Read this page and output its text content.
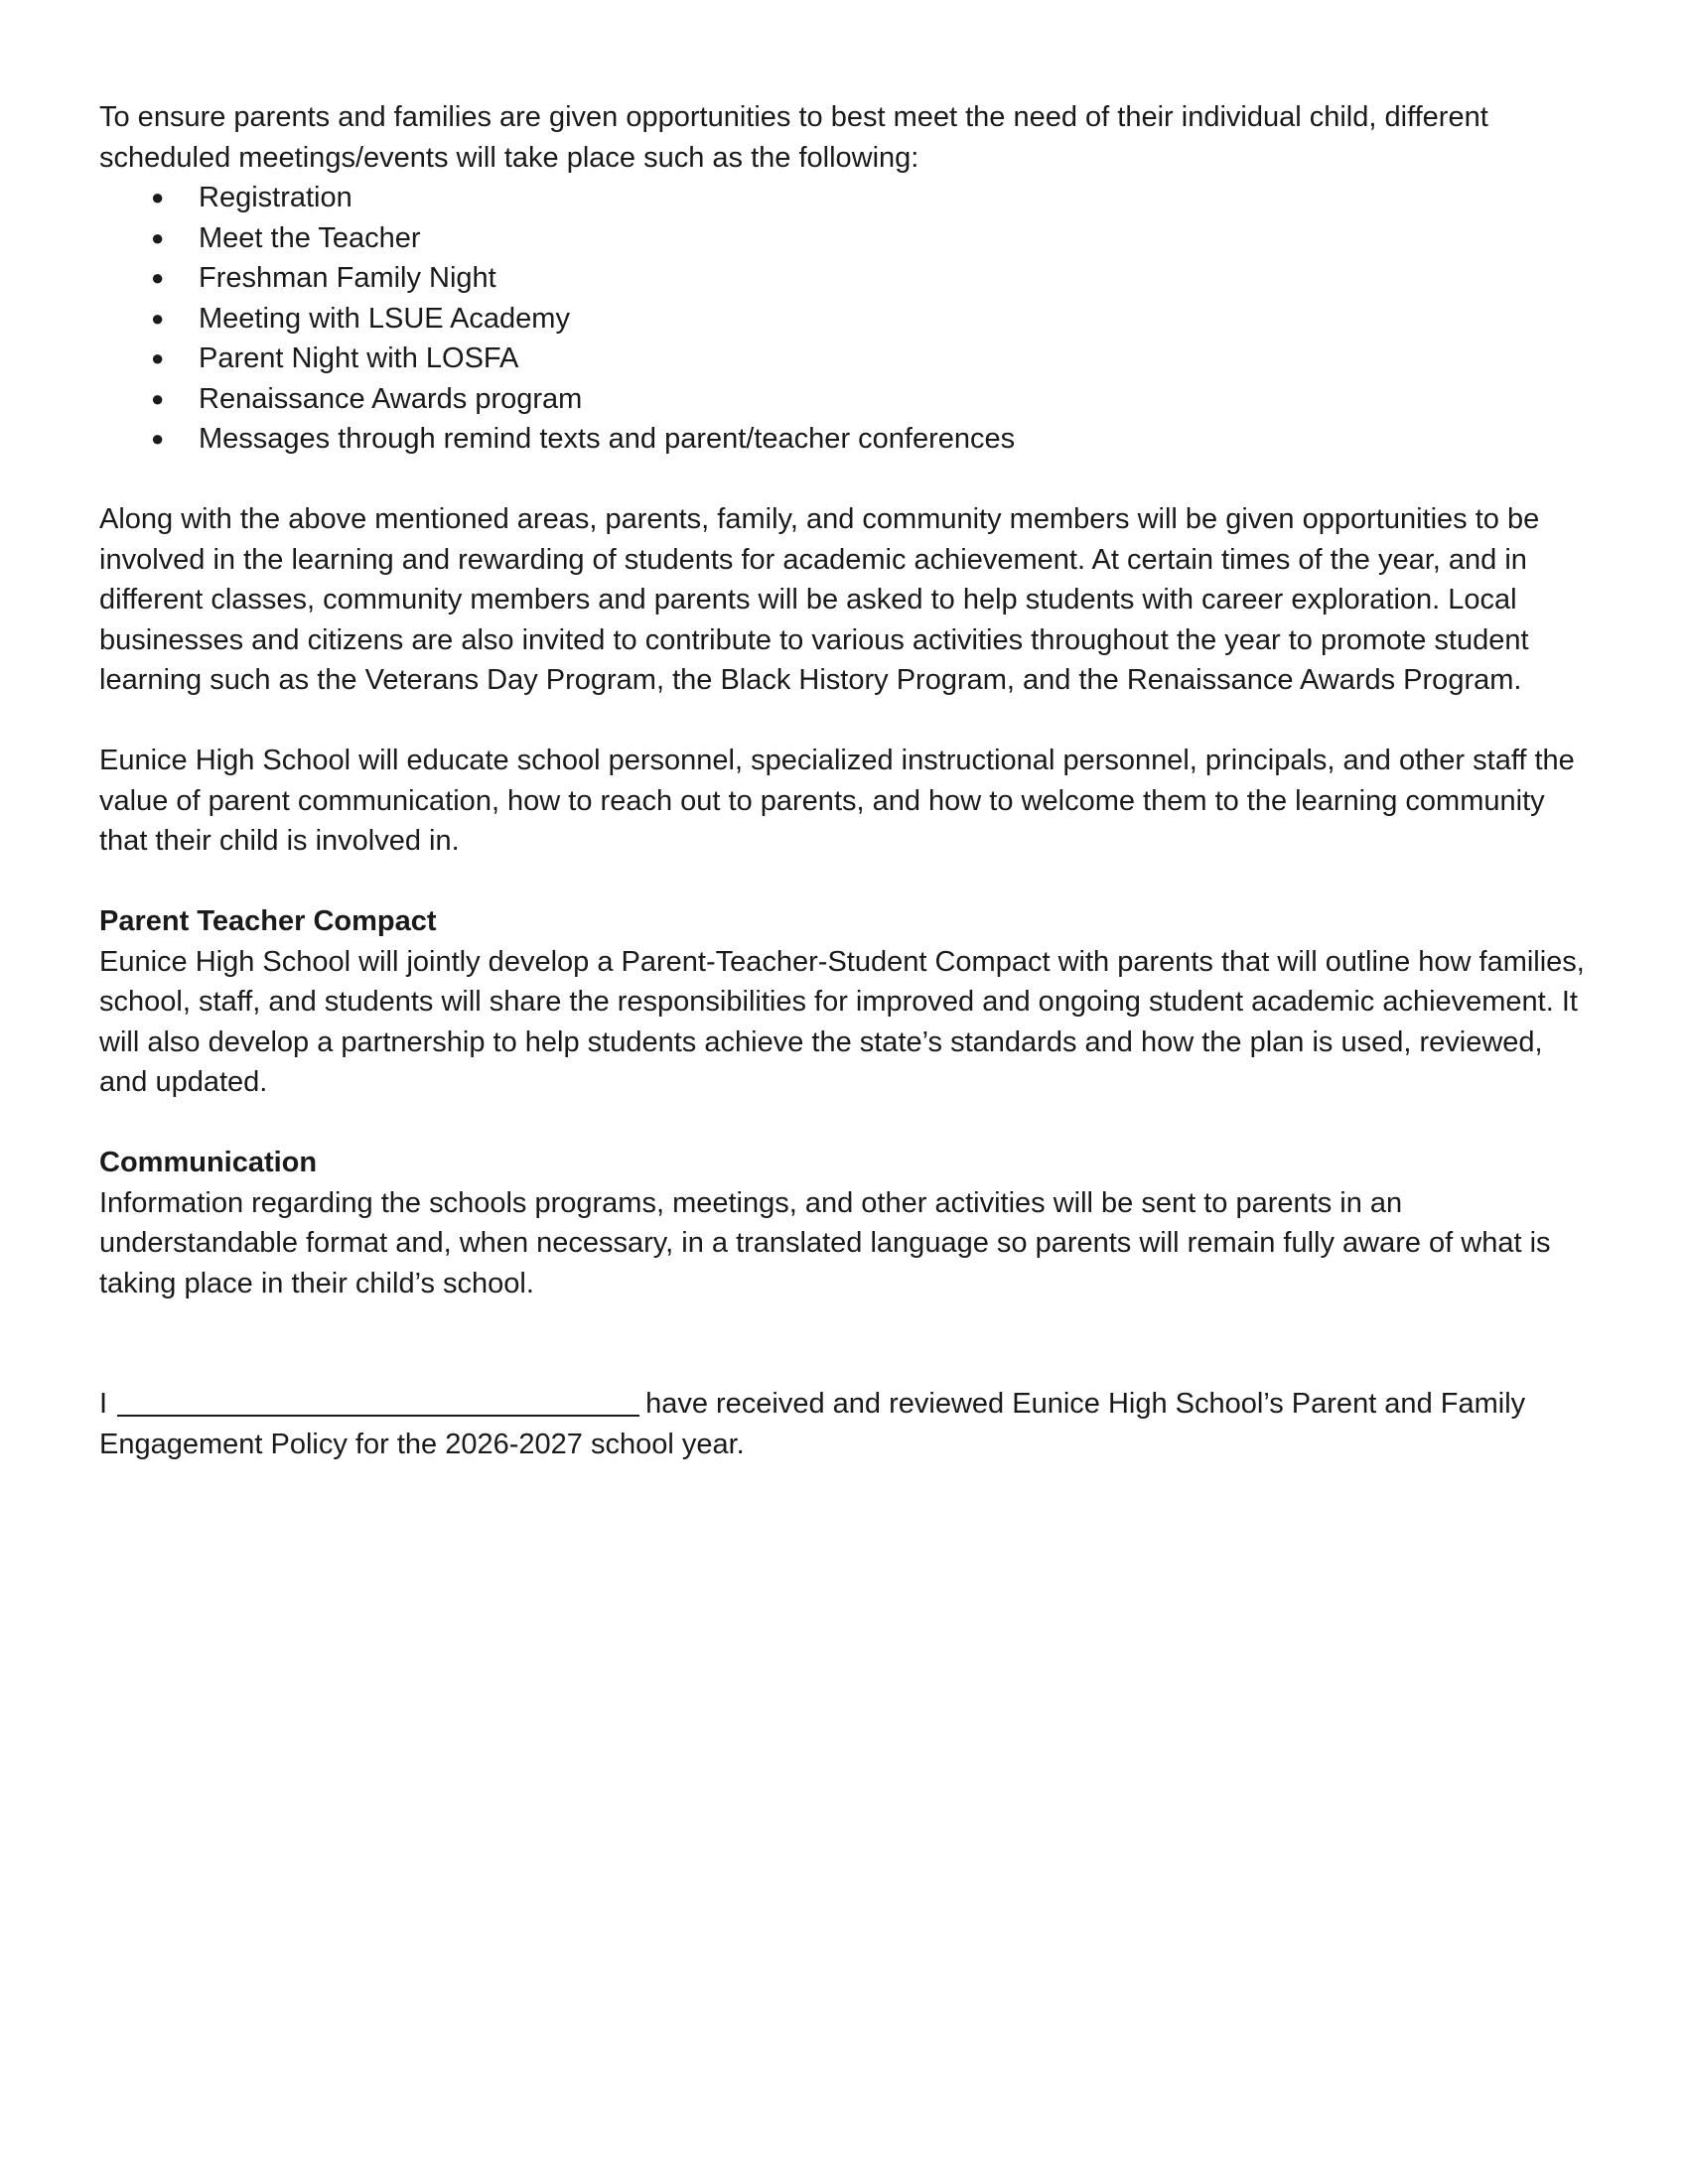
To ensure parents and families are given opportunities to best meet the need of their individual child, different scheduled meetings/events will take place such as the following:

● Registration
● Meet the Teacher
● Freshman Family Night
● Meeting with LSUE Academy
● Parent Night with LOSFA
● Renaissance Awards program
● Messages through remind texts and parent/teacher conferences

Along with the above mentioned areas, parents, family, and community members will be given opportunities to be involved in the learning and rewarding of students for academic achievement. At certain times of the year, and in different classes, community members and parents will be asked to help students with career exploration. Local businesses and citizens are also invited to contribute to various activities throughout the year to promote student learning such as the Veterans Day Program, the Black History Program, and the Renaissance Awards Program.

Eunice High School will educate school personnel, specialized instructional personnel, principals, and other staff the value of parent communication, how to reach out to parents, and how to welcome them to the learning community that their child is involved in.

Parent Teacher Compact

Eunice High School will jointly develop a Parent-Teacher-Student Compact with parents that will outline how families, school, staff, and students will share the responsibilities for improved and ongoing student academic achievement. It will also develop a partnership to help students achieve the state’s standards and how the plan is used, reviewed, and updated.

Communication

Information regarding the schools programs, meetings, and other activities will be sent to parents in an understandable format and, when necessary, in a translated language so parents will remain fully aware of what is taking place in their child’s school.

I	have received and reviewed Eunice High School’s Parent and Family Engagement Policy for the 2026-2027 school year.
